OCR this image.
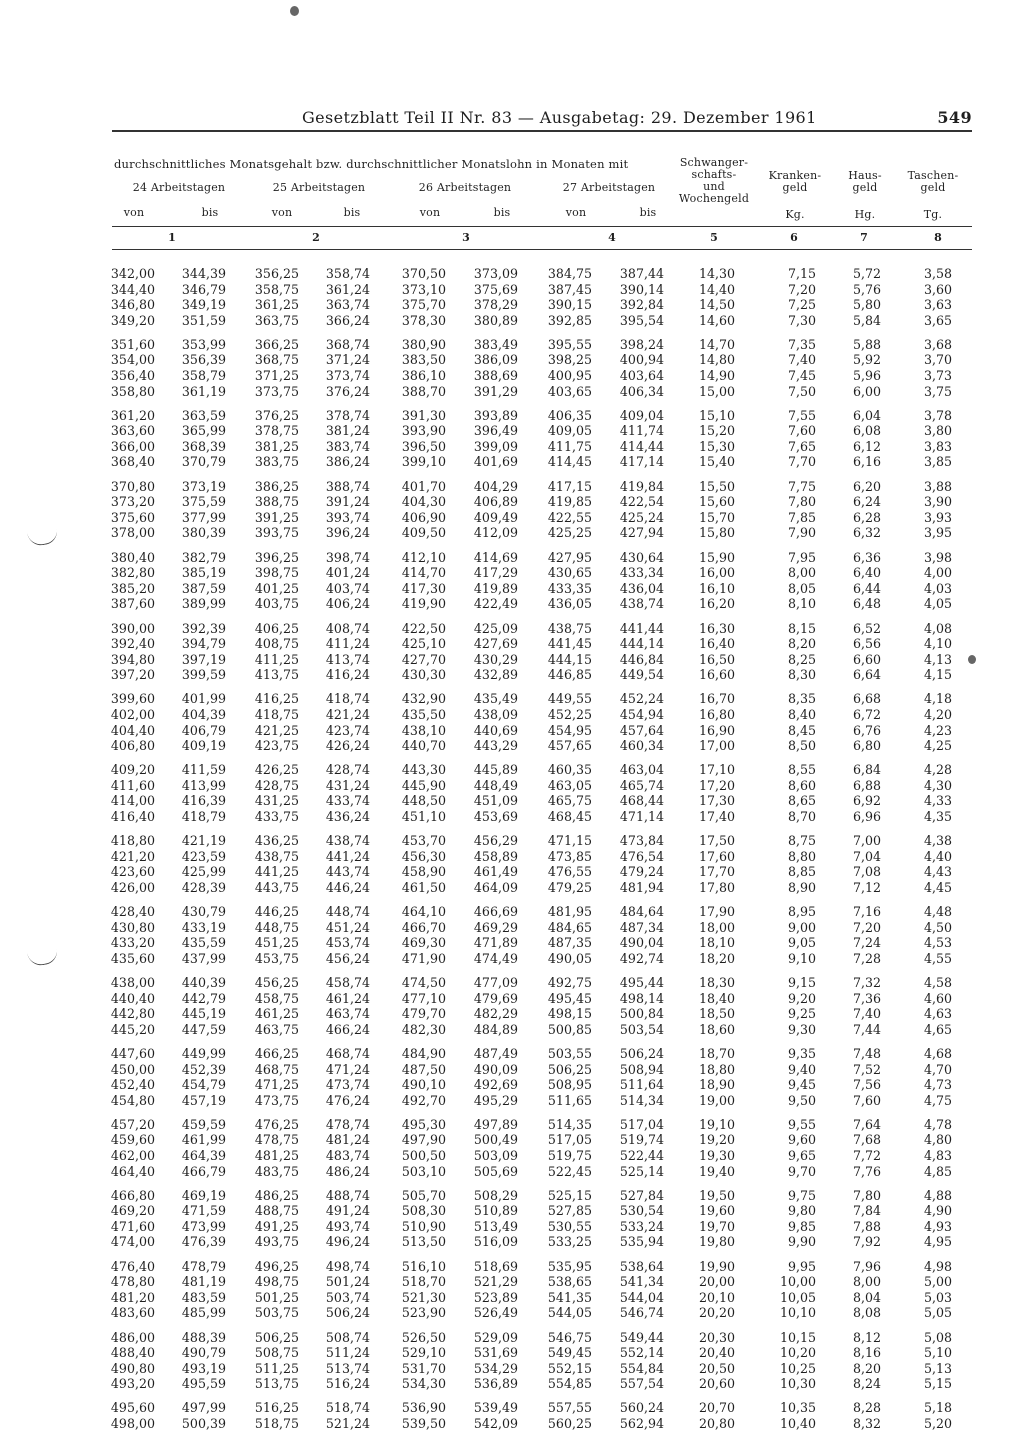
Gesetzblatt Teil II Nr. 83 — Ausgabetag: 29. Dezember 1961	549
durchschnittliches Monatsgehalt bzw. durchschnittlicher Monatslohn in Monaten mit
24 Arbeitstagen	25 Arbeitstagen	26 Arbeitstagen	27 Arbeitstagen
von	bis	von	bis	von	bis	von	bis
Schwanger-
schafts-
und
Wochengeld
Kranken-
geld
Kg.
Haus-
geld
Hg.
Taschen-
geld
Tg.
1	2	3	4	5	6	7	8
342,00	344,39	356,25	358,74	370,50	373,09	384,75	387,44	14,30	7,15	5,72	3,58
344,40	346,79	358,75	361,24	373,10	375,69	387,45	390,14	14,40	7,20	5,76	3,60
346,80	349,19	361,25	363,74	375,70	378,29	390,15	392,84	14,50	7,25	5,80	3,63
349,20	351,59	363,75	366,24	378,30	380,89	392,85	395,54	14,60	7,30	5,84	3,65
351,60	353,99	366,25	368,74	380,90	383,49	395,55	398,24	14,70	7,35	5,88	3,68
354,00	356,39	368,75	371,24	383,50	386,09	398,25	400,94	14,80	7,40	5,92	3,70
356,40	358,79	371,25	373,74	386,10	388,69	400,95	403,64	14,90	7,45	5,96	3,73
358,80	361,19	373,75	376,24	388,70	391,29	403,65	406,34	15,00	7,50	6,00	3,75
361,20	363,59	376,25	378,74	391,30	393,89	406,35	409,04	15,10	7,55	6,04	3,78
363,60	365,99	378,75	381,24	393,90	396,49	409,05	411,74	15,20	7,60	6,08	3,80
366,00	368,39	381,25	383,74	396,50	399,09	411,75	414,44	15,30	7,65	6,12	3,83
368,40	370,79	383,75	386,24	399,10	401,69	414,45	417,14	15,40	7,70	6,16	3,85
370,80	373,19	386,25	388,74	401,70	404,29	417,15	419,84	15,50	7,75	6,20	3,88
373,20	375,59	388,75	391,24	404,30	406,89	419,85	422,54	15,60	7,80	6,24	3,90
375,60	377,99	391,25	393,74	406,90	409,49	422,55	425,24	15,70	7,85	6,28	3,93
378,00	380,39	393,75	396,24	409,50	412,09	425,25	427,94	15,80	7,90	6,32	3,95
380,40	382,79	396,25	398,74	412,10	414,69	427,95	430,64	15,90	7,95	6,36	3,98
382,80	385,19	398,75	401,24	414,70	417,29	430,65	433,34	16,00	8,00	6,40	4,00
385,20	387,59	401,25	403,74	417,30	419,89	433,35	436,04	16,10	8,05	6,44	4,03
387,60	389,99	403,75	406,24	419,90	422,49	436,05	438,74	16,20	8,10	6,48	4,05
390,00	392,39	406,25	408,74	422,50	425,09	438,75	441,44	16,30	8,15	6,52	4,08
392,40	394,79	408,75	411,24	425,10	427,69	441,45	444,14	16,40	8,20	6,56	4,10
394,80	397,19	411,25	413,74	427,70	430,29	444,15	446,84	16,50	8,25	6,60	4,13
397,20	399,59	413,75	416,24	430,30	432,89	446,85	449,54	16,60	8,30	6,64	4,15
399,60	401,99	416,25	418,74	432,90	435,49	449,55	452,24	16,70	8,35	6,68	4,18
402,00	404,39	418,75	421,24	435,50	438,09	452,25	454,94	16,80	8,40	6,72	4,20
404,40	406,79	421,25	423,74	438,10	440,69	454,95	457,64	16,90	8,45	6,76	4,23
406,80	409,19	423,75	426,24	440,70	443,29	457,65	460,34	17,00	8,50	6,80	4,25
409,20	411,59	426,25	428,74	443,30	445,89	460,35	463,04	17,10	8,55	6,84	4,28
411,60	413,99	428,75	431,24	445,90	448,49	463,05	465,74	17,20	8,60	6,88	4,30
414,00	416,39	431,25	433,74	448,50	451,09	465,75	468,44	17,30	8,65	6,92	4,33
416,40	418,79	433,75	436,24	451,10	453,69	468,45	471,14	17,40	8,70	6,96	4,35
418,80	421,19	436,25	438,74	453,70	456,29	471,15	473,84	17,50	8,75	7,00	4,38
421,20	423,59	438,75	441,24	456,30	458,89	473,85	476,54	17,60	8,80	7,04	4,40
423,60	425,99	441,25	443,74	458,90	461,49	476,55	479,24	17,70	8,85	7,08	4,43
426,00	428,39	443,75	446,24	461,50	464,09	479,25	481,94	17,80	8,90	7,12	4,45
428,40	430,79	446,25	448,74	464,10	466,69	481,95	484,64	17,90	8,95	7,16	4,48
430,80	433,19	448,75	451,24	466,70	469,29	484,65	487,34	18,00	9,00	7,20	4,50
433,20	435,59	451,25	453,74	469,30	471,89	487,35	490,04	18,10	9,05	7,24	4,53
435,60	437,99	453,75	456,24	471,90	474,49	490,05	492,74	18,20	9,10	7,28	4,55
438,00	440,39	456,25	458,74	474,50	477,09	492,75	495,44	18,30	9,15	7,32	4,58
440,40	442,79	458,75	461,24	477,10	479,69	495,45	498,14	18,40	9,20	7,36	4,60
442,80	445,19	461,25	463,74	479,70	482,29	498,15	500,84	18,50	9,25	7,40	4,63
445,20	447,59	463,75	466,24	482,30	484,89	500,85	503,54	18,60	9,30	7,44	4,65
447,60	449,99	466,25	468,74	484,90	487,49	503,55	506,24	18,70	9,35	7,48	4,68
450,00	452,39	468,75	471,24	487,50	490,09	506,25	508,94	18,80	9,40	7,52	4,70
452,40	454,79	471,25	473,74	490,10	492,69	508,95	511,64	18,90	9,45	7,56	4,73
454,80	457,19	473,75	476,24	492,70	495,29	511,65	514,34	19,00	9,50	7,60	4,75
457,20	459,59	476,25	478,74	495,30	497,89	514,35	517,04	19,10	9,55	7,64	4,78
459,60	461,99	478,75	481,24	497,90	500,49	517,05	519,74	19,20	9,60	7,68	4,80
462,00	464,39	481,25	483,74	500,50	503,09	519,75	522,44	19,30	9,65	7,72	4,83
464,40	466,79	483,75	486,24	503,10	505,69	522,45	525,14	19,40	9,70	7,76	4,85
466,80	469,19	486,25	488,74	505,70	508,29	525,15	527,84	19,50	9,75	7,80	4,88
469,20	471,59	488,75	491,24	508,30	510,89	527,85	530,54	19,60	9,80	7,84	4,90
471,60	473,99	491,25	493,74	510,90	513,49	530,55	533,24	19,70	9,85	7,88	4,93
474,00	476,39	493,75	496,24	513,50	516,09	533,25	535,94	19,80	9,90	7,92	4,95
476,40	478,79	496,25	498,74	516,10	518,69	535,95	538,64	19,90	9,95	7,96	4,98
478,80	481,19	498,75	501,24	518,70	521,29	538,65	541,34	20,00	10,00	8,00	5,00
481,20	483,59	501,25	503,74	521,30	523,89	541,35	544,04	20,10	10,05	8,04	5,03
483,60	485,99	503,75	506,24	523,90	526,49	544,05	546,74	20,20	10,10	8,08	5,05
486,00	488,39	506,25	508,74	526,50	529,09	546,75	549,44	20,30	10,15	8,12	5,08
488,40	490,79	508,75	511,24	529,10	531,69	549,45	552,14	20,40	10,20	8,16	5,10
490,80	493,19	511,25	513,74	531,70	534,29	552,15	554,84	20,50	10,25	8,20	5,13
493,20	495,59	513,75	516,24	534,30	536,89	554,85	557,54	20,60	10,30	8,24	5,15
495,60	497,99	516,25	518,74	536,90	539,49	557,55	560,24	20,70	10,35	8,28	5,18
498,00	500,39	518,75	521,24	539,50	542,09	560,25	562,94	20,80	10,40	8,32	5,20
